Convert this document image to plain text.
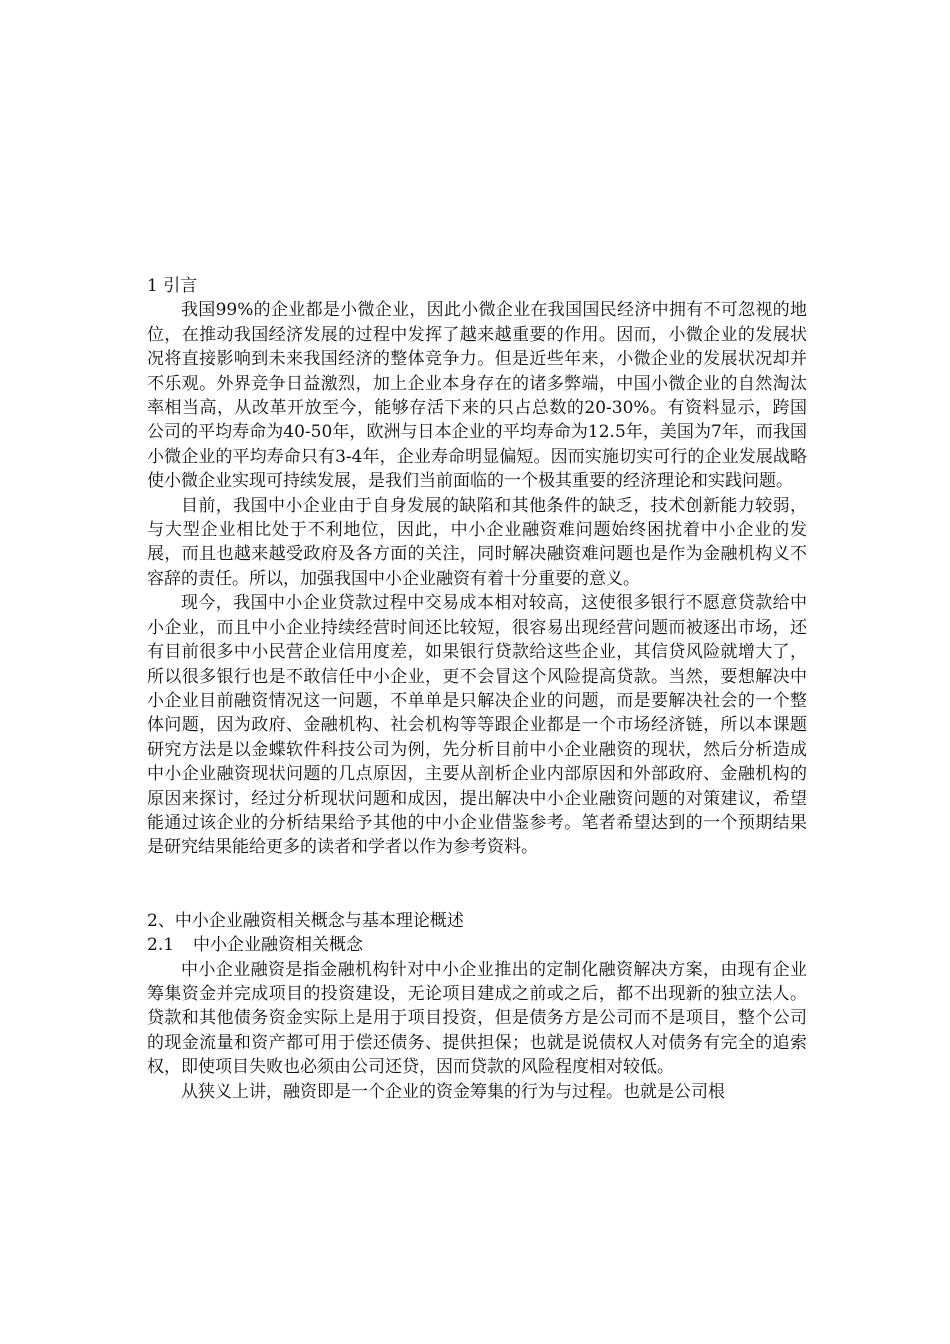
1 引言

我国99%的企业都是小微企业，因此小微企业在我国国民经济中拥有不可忽视的地位，在推动我国经济发展的过程中发挥了越来越重要的作用。因而，小微企业的发展状况将直接影响到未来我国经济的整体竞争力。但是近些年来，小微企业的发展状况却并不乐观。外界竞争日益激烈，加上企业本身存在的诸多弊端，中国小微企业的自然淘汰率相当高，从改革开放至今，能够存活下来的只占总数的20-30%。有资料显示，跨国公司的平均寿命为40-50年，欧洲与日本企业的平均寿命为12.5年，美国为7年，而我国小微企业的平均寿命只有3-4年，企业寿命明显偏短。因而实施切实可行的企业发展战略使小微企业实现可持续发展，是我们当前面临的一个极其重要的经济理论和实践问题。

目前，我国中小企业由于自身发展的缺陷和其他条件的缺乏，技术创新能力较弱，与大型企业相比处于不利地位，因此，中小企业融资难问题始终困扰着中小企业的发展，而且也越来越受政府及各方面的关注，同时解决融资难问题也是作为金融机构义不容辞的责任。所以，加强我国中小企业融资有着十分重要的意义。

现今，我国中小企业贷款过程中交易成本相对较高，这使很多银行不愿意贷款给中小企业，而且中小企业持续经营时间还比较短，很容易出现经营问题而被逐出市场，还有目前很多中小民营企业信用度差，如果银行贷款给这些企业，其信贷风险就增大了，所以很多银行也是不敢信任中小企业，更不会冒这个风险提高贷款。当然，要想解决中小企业目前融资情况这一问题，不单单是只解决企业的问题，而是要解决社会的一个整体问题，因为政府、金融机构、社会机构等等跟企业都是一个市场经济链，所以本课题研究方法是以金蝶软件科技公司为例，先分析目前中小企业融资的现状，然后分析造成中小企业融资现状问题的几点原因，主要从剖析企业内部原因和外部政府、金融机构的原因来探讨，经过分析现状问题和成因，提出解决中小企业融资问题的对策建议，希望能通过该企业的分析结果给予其他的中小企业借鉴参考。笔者希望达到的一个预期结果是研究结果能给更多的读者和学者以作为参考资料。

2、中小企业融资相关概念与基本理论概述

2.1 中小企业融资相关概念

中小企业融资是指金融机构针对中小企业推出的定制化融资解决方案，由现有企业筹集资金并完成项目的投资建设，无论项目建成之前或之后，都不出现新的独立法人。贷款和其他债务资金实际上是用于项目投资，但是债务方是公司而不是项目，整个公司的现金流量和资产都可用于偿还债务、提供担保；也就是说债权人对债务有完全的追索权，即使项目失败也必须由公司还贷，因而贷款的风险程度相对较低。

从狭义上讲，融资即是一个企业的资金筹集的行为与过程。也就是公司根
